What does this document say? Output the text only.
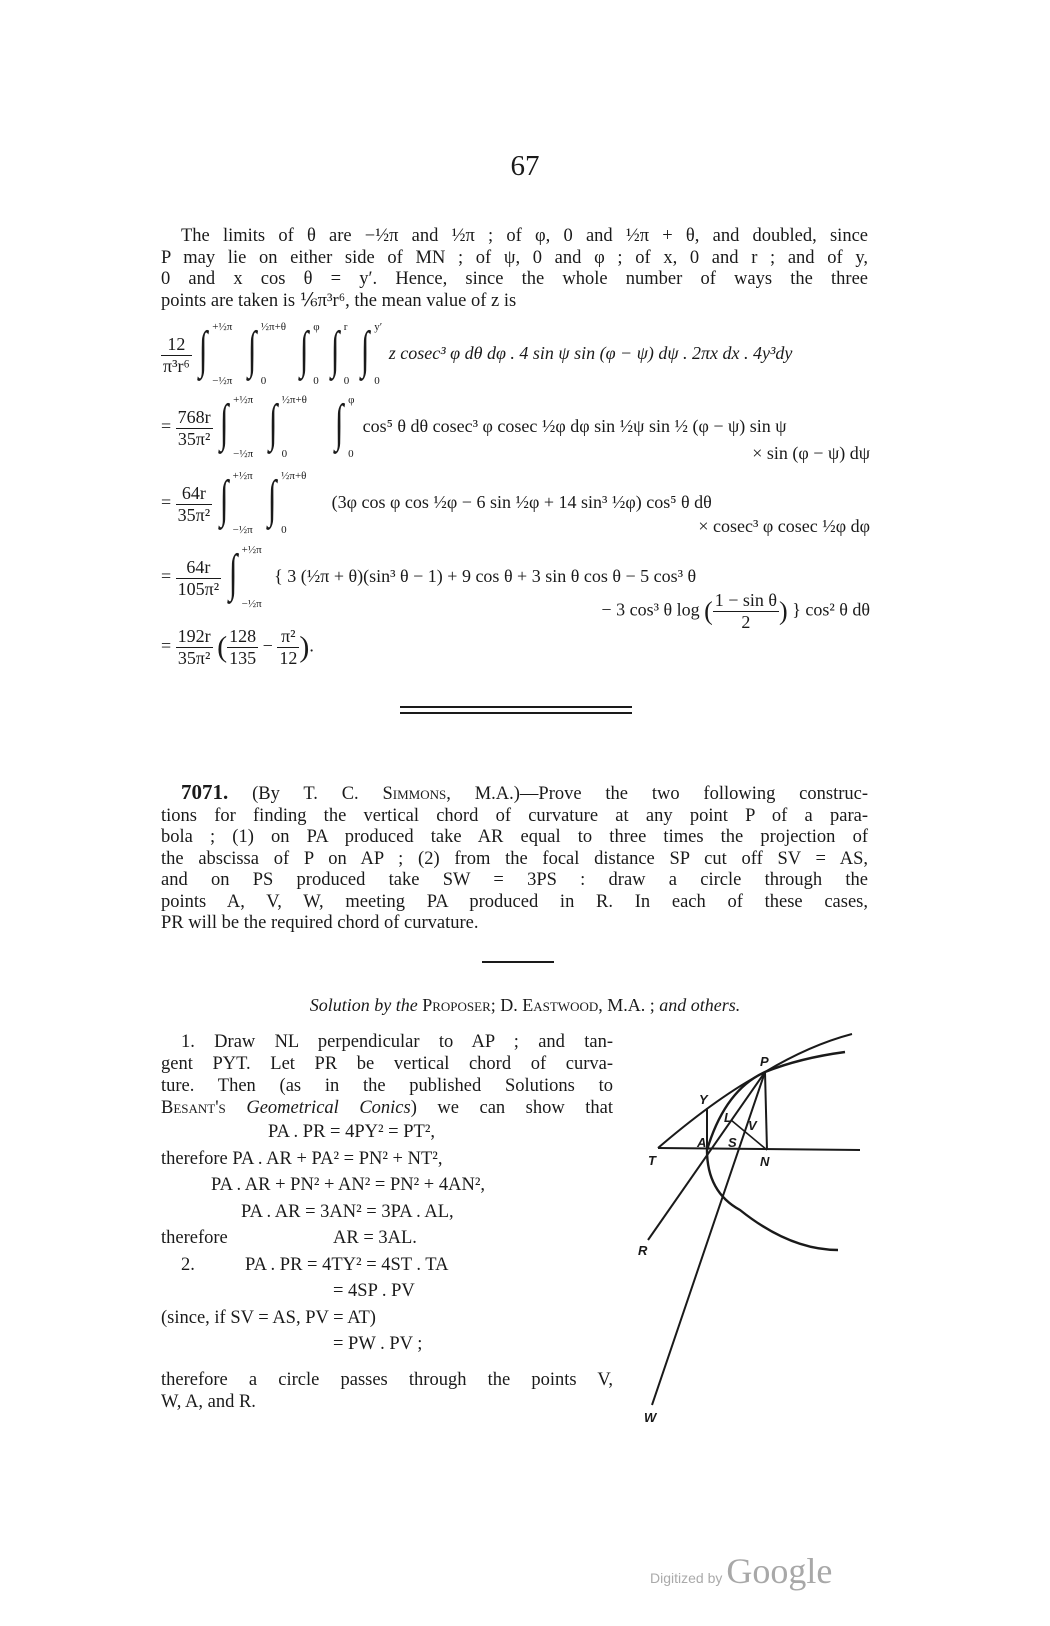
67
The limits of θ are −½π and ½π ; of φ, 0 and ½π + θ, and doubled, since
P may lie on either side of MN ; of ψ, 0 and φ ; of x, 0 and r ; and of y,
0 and x cos θ = y′. Hence, since the whole number of ways the three
points are taken is ⅙π³r⁶, the mean value of z is
$\frac{12}{\text{π³r⁶}}$ ∫ +½π
−½π
∫ ½π+θ
0
∫ φ
0
∫ r
0
∫ y′
0
z cosec³ φ dθ dφ . 4 sin ψ sin (φ − ψ) dψ . 2πx dx . 4y³dy
= $\frac{768r}{\text{35π²}}$ ∫ +½π
−½π
∫ ½π+θ
0
∫ φ
0
cos⁵ θ dθ cosec³ φ cosec ½φ dφ sin ½ψ sin ½ (φ − ψ) sin ψ
× sin (φ − ψ) dψ
= $\frac{64r}{\text{35π²}}$ ∫ +½π
−½π
∫ ½π+θ
0
(3φ cos φ cos ½φ − 6 sin ½φ + 14 sin³ ½φ) cos⁵ θ dθ
× cosec³ φ cosec ½φ dφ
= $\frac{64r}{\text{105π²}}$ ∫ +½π
−½π
{ 3 (½π + θ)(sin³ θ − 1) + 9 cos θ + 3 sin θ cos θ − 5 cos³ θ
− 3 cos³ θ log ( $\frac{\text{1 − sin θ}}{2}$ ) } cos² θ dθ
= $\frac{192r}{\text{35π²}}$ ( $\frac{128}{135} - \frac{\text{π²}}{12}$ ).
7071. (By T. C. Simmons, M.A.)—Prove the two following construc-
tions for finding the vertical chord of curvature at any point P of a para-
bola ; (1) on PA produced take AR equal to three times the projection of
the abscissa of P on AP ; (2) from the focal distance SP cut off SV = AS,
and on PS produced take SW = 3PS : draw a circle through the
points A, V, W, meeting PA produced in R. In each of these cases,
PR will be the required chord of curvature.
Solution by the Proposer; D. Eastwood, M.A. ; and others.
1. Draw NL perpendicular to AP ; and tan-
gent PYT. Let PR be vertical chord of curva-
ture. Then (as in the published Solutions to
Besant's Geometrical Conics) we can show that
PA . PR = 4PY² = PT²,
therefore PA . AR + PA² = PN² + NT²,
PA . AR + PN² + AN² = PN² + 4AN²,
PA . AR = 3AN² = 3PA . AL,
therefore	AR = 3AL.
2.	PA . PR = 4TY² = 4ST . TA
= 4SP . PV
(since, if SV = AS, PV = AT)
= PW . PV ;
therefore a circle passes through the points V,
W, A, and R.
P
Y
L
V
A S
T	N
R
W
Digitized by Google
